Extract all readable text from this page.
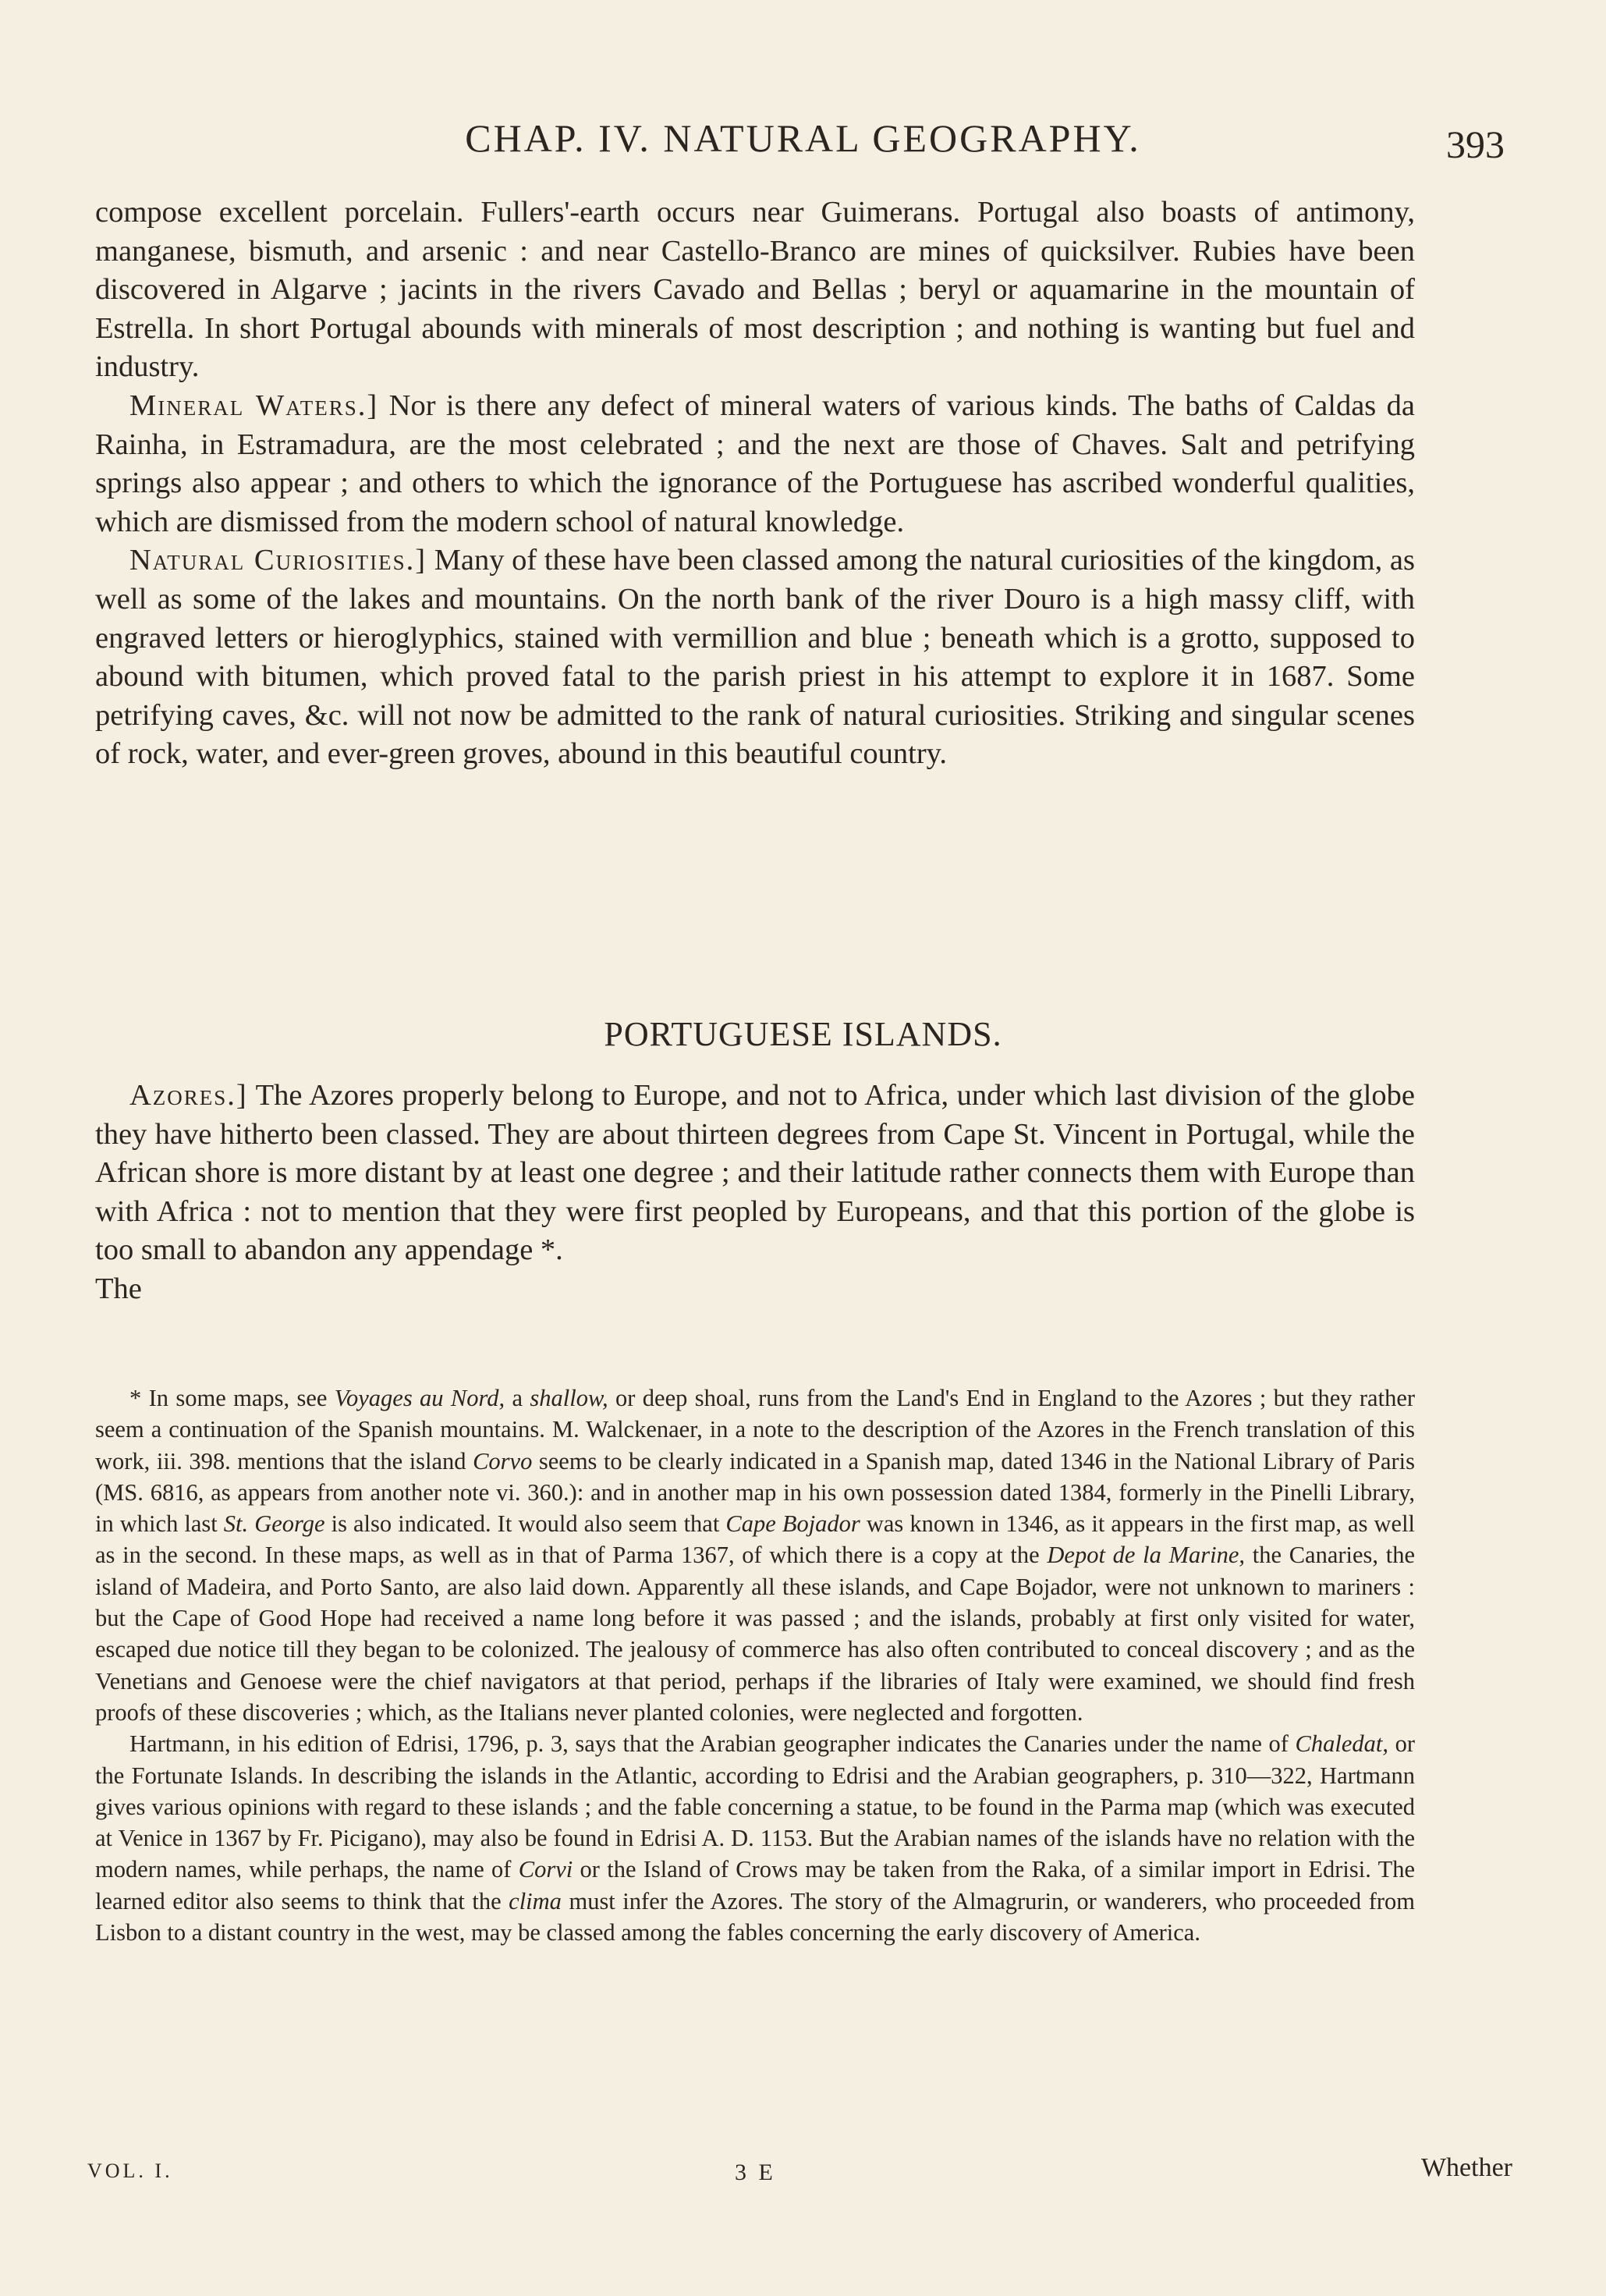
CHAP. IV. NATURAL GEOGRAPHY.	393

compose excellent porcelain. Fullers'-earth occurs near Guimerans. Portugal also boasts of antimony, manganese, bismuth, and arsenic : and near Castello-Branco are mines of quicksilver. Rubies have been discovered in Algarve ; jacints in the rivers Cavado and Bellas ; beryl or aquamarine in the mountain of Estrella. In short Portugal abounds with minerals of most description ; and nothing is wanting but fuel and industry.

Mineral Waters.] Nor is there any defect of mineral waters of various kinds. The baths of Caldas da Rainha, in Estramadura, are the most celebrated ; and the next are those of Chaves. Salt and petrifying springs also appear ; and others to which the ignorance of the Portuguese has ascribed wonderful qualities, which are dismissed from the modern school of natural knowledge.

Natural Curiosities.] Many of these have been classed among the natural curiosities of the kingdom, as well as some of the lakes and mountains. On the north bank of the river Douro is a high massy cliff, with engraved letters or hieroglyphics, stained with vermillion and blue ; beneath which is a grotto, supposed to abound with bitumen, which proved fatal to the parish priest in his attempt to explore it in 1687. Some petrifying caves, &c. will not now be admitted to the rank of natural curiosities. Striking and singular scenes of rock, water, and ever-green groves, abound in this beautiful country.

PORTUGUESE ISLANDS.

Azores.] The Azores properly belong to Europe, and not to Africa, under which last division of the globe they have hitherto been classed. They are about thirteen degrees from Cape St. Vincent in Portugal, while the African shore is more distant by at least one degree ; and their latitude rather connects them with Europe than with Africa : not to mention that they were first peopled by Europeans, and that this portion of the globe is too small to abandon any appendage *.

The

* In some maps, see Voyages au Nord, a shallow, or deep shoal, runs from the Land's End in England to the Azores ; but they rather seem a continuation of the Spanish mountains. M. Walckenaer, in a note to the description of the Azores in the French translation of this work, iii. 398. mentions that the island Corvo seems to be clearly indicated in a Spanish map, dated 1346 in the National Library of Paris (MS. 6816, as appears from another note vi. 360.): and in another map in his own possession dated 1384, formerly in the Pinelli Library, in which last St. George is also indicated. It would also seem that Cape Bojador was known in 1346, as it appears in the first map, as well as in the second. In these maps, as well as in that of Parma 1367, of which there is a copy at the Depot de la Marine, the Canaries, the island of Madeira, and Porto Santo, are also laid down. Apparently all these islands, and Cape Bojador, were not unknown to mariners : but the Cape of Good Hope had received a name long before it was passed ; and the islands, probably at first only visited for water, escaped due notice till they began to be colonized. The jealousy of commerce has also often contributed to conceal discovery ; and as the Venetians and Genoese were the chief navigators at that period, perhaps if the libraries of Italy were examined, we should find fresh proofs of these discoveries ; which, as the Italians never planted colonies, were neglected and forgotten.

Hartmann, in his edition of Edrisi, 1796, p. 3, says that the Arabian geographer indicates the Canaries under the name of Chaledat, or the Fortunate Islands. In describing the islands in the Atlantic, according to Edrisi and the Arabian geographers, p. 310—322, Hartmann gives various opinions with regard to these islands ; and the fable concerning a statue, to be found in the Parma map (which was executed at Venice in 1367 by Fr. Picigano), may also be found in Edrisi A. D. 1153. But the Arabian names of the islands have no relation with the modern names, while perhaps, the name of Corvi or the Island of Crows may be taken from the Raka, of a similar import in Edrisi. The learned editor also seems to think that the clima must infer the Azores. The story of the Almagrurin, or wanderers, who proceeded from Lisbon to a distant country in the west, may be classed among the fables concerning the early discovery of America.

VOL. I.	3 E	Whether
